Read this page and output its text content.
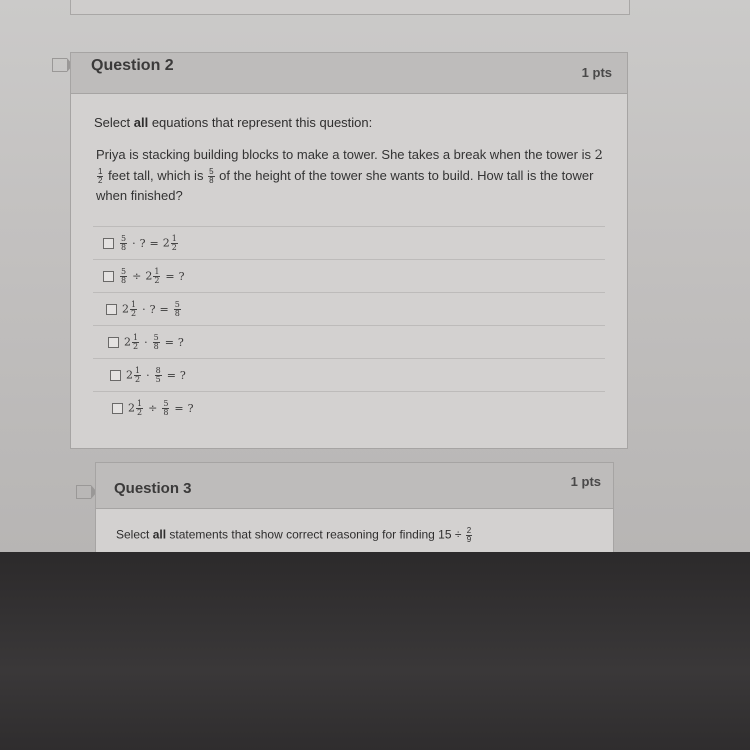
Question 2	1 pts
Select all equations that represent this question:
Priya is stacking building blocks to make a tower. She takes a break when the tower is 2
$\frac{1}{2}$ feet tall, which is $\frac{5}{8}$ of the height of the tower she wants to build. How tall is the tower when finished?
$\frac{5}{8}$ · ? = $2 \frac{1}{2}$
$\frac{5}{8} \div 2 \frac{1}{2}$ = ?
$2 \frac{1}{2}$ · ? = $\frac{5}{8}$
$2 \frac{1}{2} \cdot \frac{5}{8}$ = ?
$2 \frac{1}{2} \cdot \frac{8}{5}$ = ?
$2 \frac{1}{2} \div \frac{5}{8}$ = ?
Question 3	1 pts
Select all statements that show correct reasoning for finding $15 \div \frac{2}{9}$
